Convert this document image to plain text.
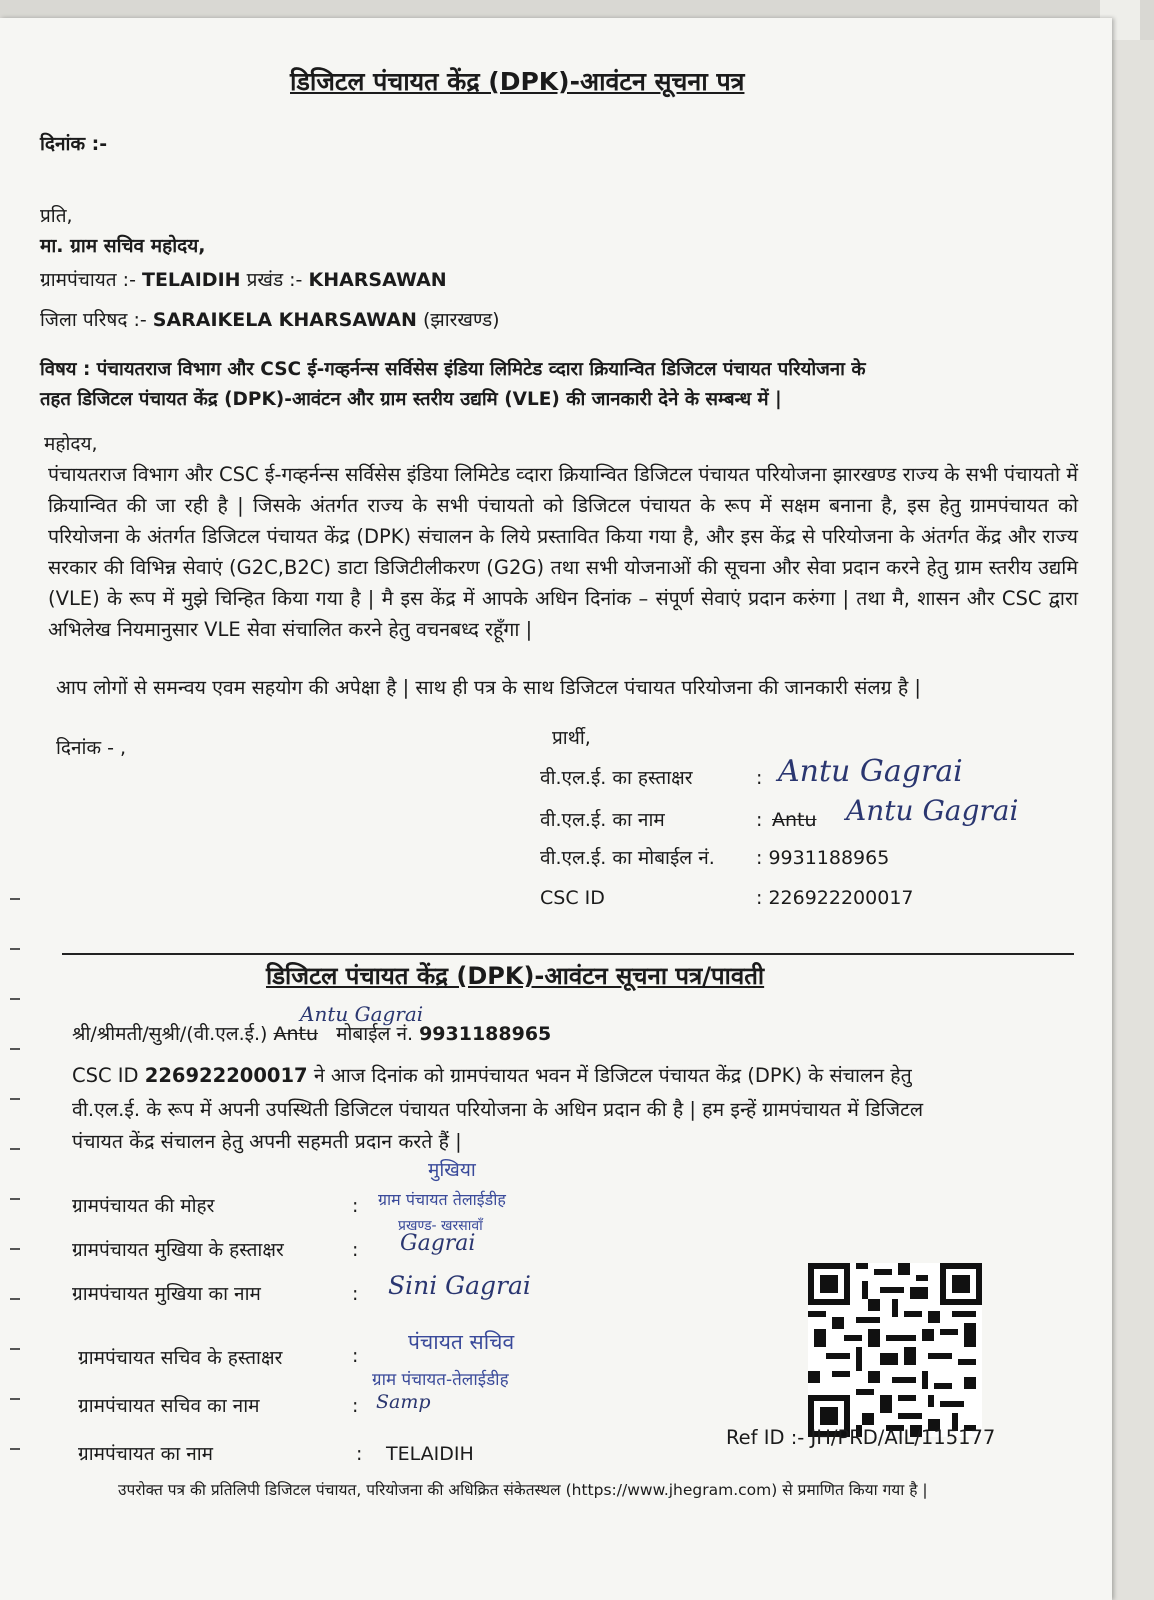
डिजिटल पंचायत केंद्र (DPK)-आवंटन सूचना पत्र
दिनांक :-
प्रति,
मा. ग्राम सचिव महोदय,
ग्रामपंचायत :- TELAIDIH प्रखंड :- KHARSAWAN
जिला परिषद :- SARAIKELA KHARSAWAN (झारखण्ड)
विषय : पंचायतराज विभाग और CSC ई-गव्हर्नन्स सर्विसेस इंडिया लिमिटेड व्दारा क्रियान्वित डिजिटल पंचायत परियोजना के
तहत डिजिटल पंचायत केंद्र (DPK)-आवंटन और ग्राम स्तरीय उद्यमि (VLE) की जानकारी देने के सम्बन्ध में |
महोदय,
पंचायतराज विभाग और CSC ई-गव्हर्नन्स सर्विसेस इंडिया लिमिटेड व्दारा क्रियान्वित डिजिटल पंचायत परियोजना झारखण्ड राज्य के सभी पंचायतो में क्रियान्वित की जा रही है | जिसके अंतर्गत राज्य के सभी पंचायतो को डिजिटल पंचायत के रूप में सक्षम बनाना है, इस हेतु ग्रामपंचायत को परियोजना के अंतर्गत डिजिटल पंचायत केंद्र (DPK) संचालन के लिये प्रस्तावित किया गया है, और इस केंद्र से परियोजना के अंतर्गत केंद्र और राज्य सरकार की विभिन्न सेवाएं (G2C,B2C) डाटा डिजिटीलीकरण (G2G) तथा सभी योजनाओं की सूचना और सेवा प्रदान करने हेतु ग्राम स्तरीय उद्यमि (VLE) के रूप में मुझे चिन्हित किया गया है | मै इस केंद्र में आपके अधिन दिनांक – संपूर्ण सेवाएं प्रदान करुंगा | तथा मै, शासन और CSC द्वारा अभिलेख नियमानुसार VLE सेवा संचालित करने हेतु वचनबध्द रहूँगा |
आप लोगों से समन्वय एवम सहयोग की अपेक्षा है | साथ ही पत्र के साथ डिजिटल पंचायत परियोजना की जानकारी संलग्र है |
दिनांक - ,	प्रार्थी,
वी.एल.ई. का हस्ताक्षर	: Antu Gagrai
वी.एल.ई. का नाम	: Antu Antu Gagrai
वी.एल.ई. का मोबाईल नं. : 9931188965
CSC ID	: 226922200017
डिजिटल पंचायत केंद्र (DPK)-आवंटन सूचना पत्र/पावती
Antu Gagrai
श्री/श्रीमती/सुश्री/(वी.एल.ई.) Antu मोबाईल नं. 9931188965
CSC ID 226922200017 ने आज दिनांक को ग्रामपंचायत भवन में डिजिटल पंचायत केंद्र (DPK) के संचालन हेतु
वी.एल.ई. के रूप में अपनी उपस्थिती डिजिटल पंचायत परियोजना के अधिन प्रदान की है | हम इन्हें ग्रामपंचायत में डिजिटल
पंचायत केंद्र संचालन हेतु अपनी सहमती प्रदान करते हैं |
मुखिया
ग्रामपंचायत की मोहर	: ग्राम पंचायत तेलाईडीह
प्रखण्ड- खरसावाँ
ग्रामपंचायत मुखिया के हस्ताक्षर	: Gagrai
ग्रामपंचायत मुखिया का नाम	: Sini Gagrai
ग्रामपंचायत सचिव के हस्ताक्षर	:
पंचायत सचिव
ग्राम पंचायत-तेलाईडीह
ग्रामपंचायत सचिव का नाम	: Samp
ग्रामपंचायत का नाम	: TELAIDIH
Ref ID :- JH/PRD/AIL/115177
उपरोक्त पत्र की प्रतिलिपी डिजिटल पंचायत, परियोजना की अधिक्रित संकेतस्थल (https://www.jhegram.com) से प्रमाणित किया गया है |
